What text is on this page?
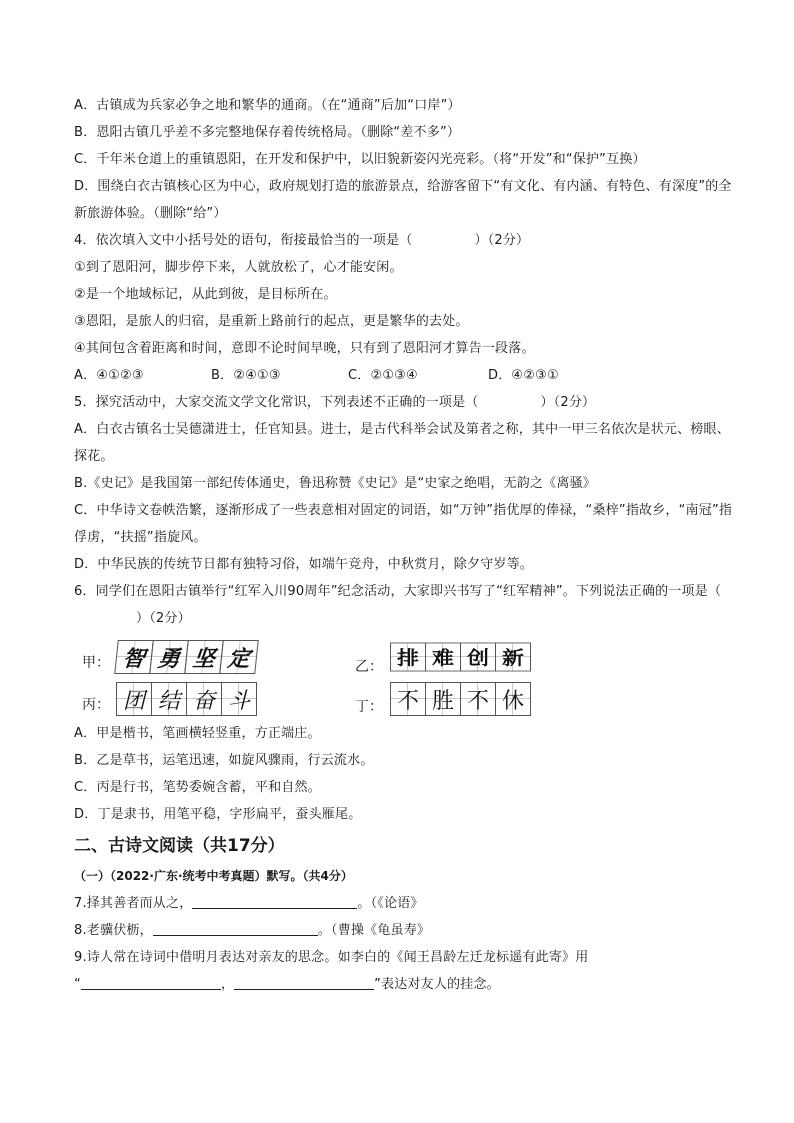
A．古镇成为兵家必争之地和繁华的通商。（在“通商”后加“口岸”）
B．恩阳古镇几乎差不多完整地保存着传统格局。（删除“差不多”）
C．千年米仓道上的重镇恩阳，在开发和保护中，以旧貌新姿闪光亮彩。（将“开发”和“保护”互换）
D．围绕白衣古镇核心区为中心，政府规划打造的旅游景点，给游客留下“有文化、有内涵、有特色、有深度”的全新旅游体验。（删除“给”）
4．依次填入文中小括号处的语句，衔接最恰当的一项是（	）（2分）
①到了恩阳河，脚步停下来，人就放松了，心才能安闲。
②是一个地域标记，从此到彼，是目标所在。
③恩阳，是旅人的归宿，是重新上路前行的起点，更是繁华的去处。
④其间包含着距离和时间，意即不论时间早晚，只有到了恩阳河才算告一段落。
A．④①②③	B．②④①③	C．②①③④	D．④②③①
5．探究活动中，大家交流文学文化常识，下列表述不正确的一项是（	）（2分）
A．白衣古镇名士吴德潇进士，任官知县。进士，是古代科举会试及第者之称，其中一甲三名依次是状元、榜眼、探花。
B.《史记》是我国第一部纪传体通史，鲁迅称赞《史记》是“史家之绝唱，无韵之《离骚》
C．中华诗文卷帙浩繁，逐渐形成了一些表意相对固定的词语，如“万钟”指优厚的俸禄，“桑梓”指故乡，“南冠”指俘虏，“扶摇”指旋风。
D．中华民族的传统节日都有独特习俗，如端午竞舟，中秋赏月，除夕守岁等。
6．同学们在恩阳古镇举行“红军入川90周年”纪念活动，大家即兴书写了“红军精神”。下列说法正确的一项是（）（2分）
甲： 智 勇 坚 定	乙： 排 难 创 新
丙： 团 结 奋 斗	丁： 不 胜 不 休
A．甲是楷书，笔画横轻竖重，方正端庄。
B．乙是草书，运笔迅速，如旋风骤雨，行云流水。
C．丙是行书，笔势委婉含蓄，平和自然。
D．丁是隶书，用笔平稳，字形扁平，蚕头雁尾。
二、古诗文阅读（共17分）
（一）（2022·广东·统考中考真题）默写。（共4分）
7.择其善者而从之，	。（《论语》
8.老骥伏枥，	。（曹操《龟虽寿》
9.诗人常在诗词中借明月表达对亲友的思念。如李白的《闻王昌龄左迁龙标遥有此寄》用
“	，	”表达对友人的挂念。
